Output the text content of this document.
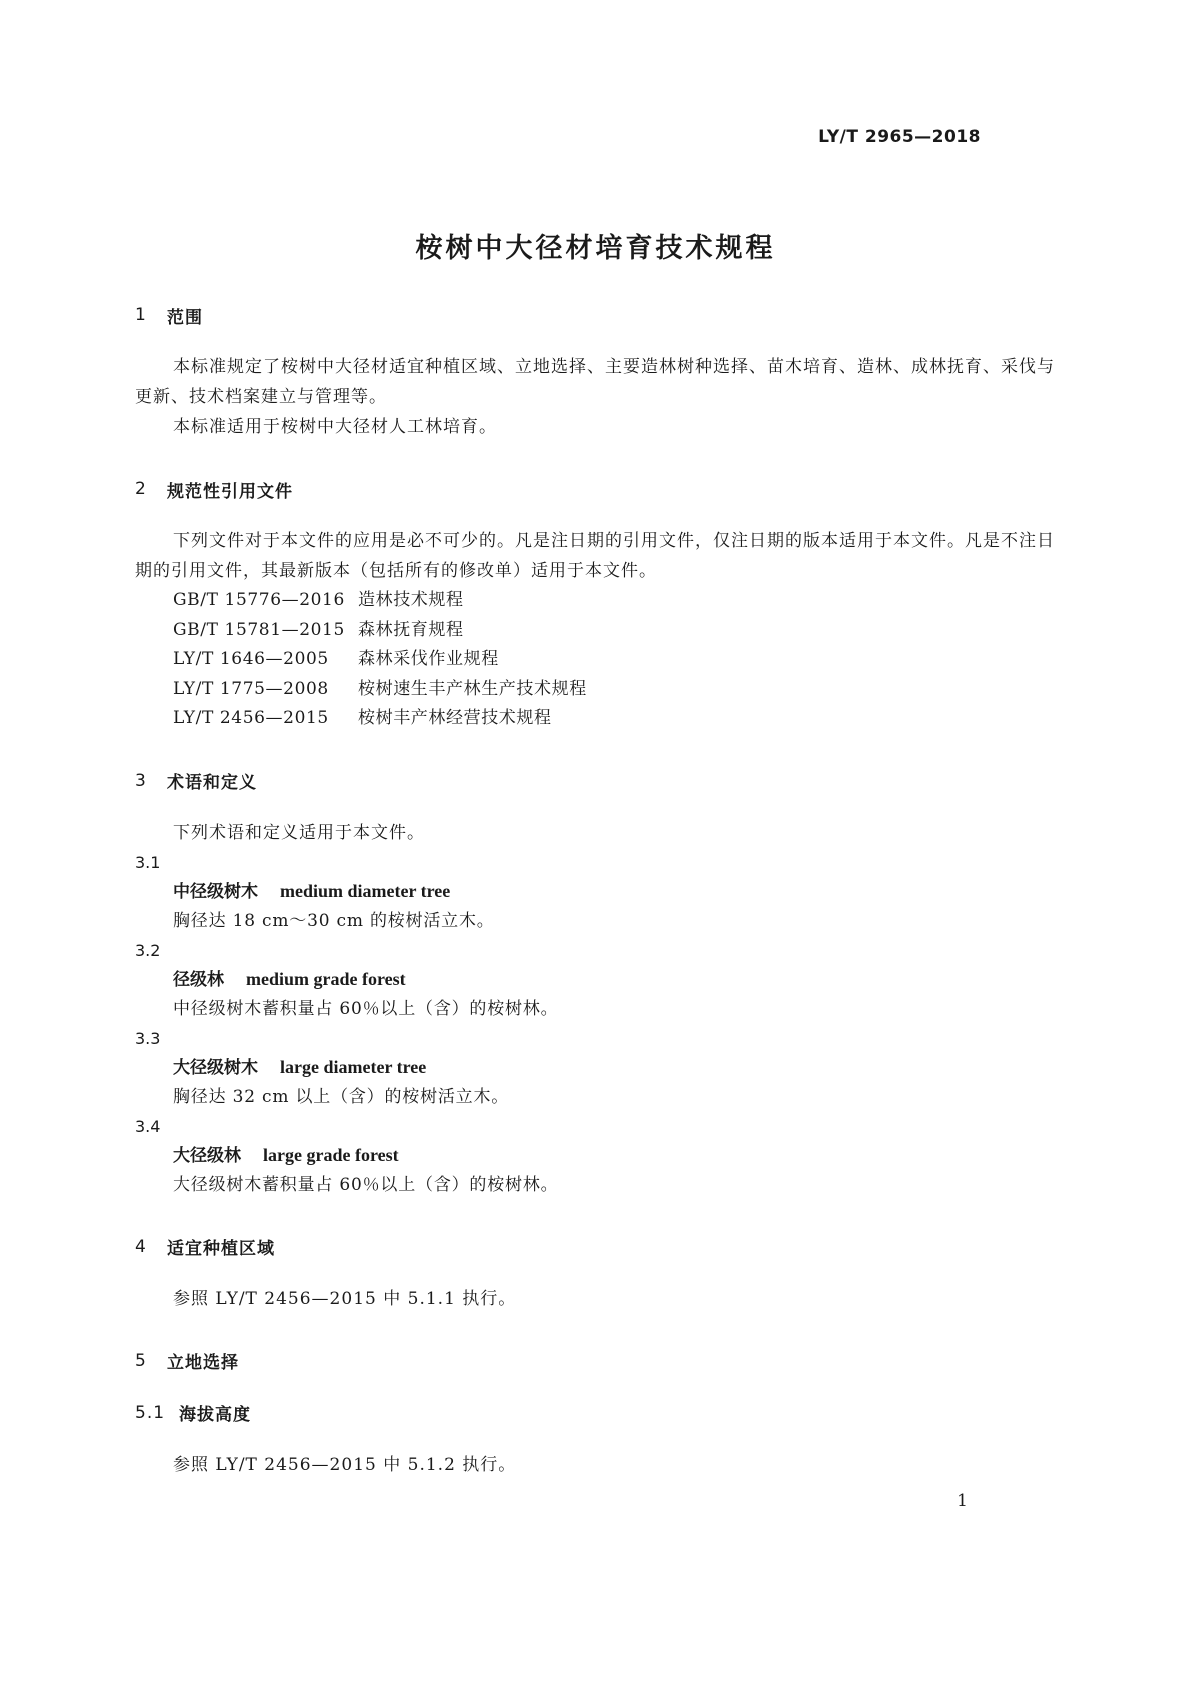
LY/T 2965—2018
桉树中大径材培育技术规程
1	范围
本标准规定了桉树中大径材适宜种植区域、立地选择、主要造林树种选择、苗木培育、造林、成林抚育、采伐与更新、技术档案建立与管理等。
本标准适用于桉树中大径材人工林培育。
2	规范性引用文件
下列文件对于本文件的应用是必不可少的。凡是注日期的引用文件，仅注日期的版本适用于本文件。凡是不注日期的引用文件，其最新版本（包括所有的修改单）适用于本文件。
GB/T 15776—2016 造林技术规程
GB/T 15781—2015 森林抚育规程
LY/T 1646—2005 森林采伐作业规程
LY/T 1775—2008 桉树速生丰产林生产技术规程
LY/T 2456—2015 桉树丰产林经营技术规程
3	术语和定义
下列术语和定义适用于本文件。
3.1
中径级树木 medium diameter tree
胸径达 18 cm～30 cm 的桉树活立木。
3.2
径级林 medium grade forest
中径级树木蓄积量占 60％以上（含）的桉树林。
3.3
大径级树木 large diameter tree
胸径达 32 cm 以上（含）的桉树活立木。
3.4
大径级林 large grade forest
大径级树木蓄积量占 60％以上（含）的桉树林。
4	适宜种植区域
参照 LY/T 2456—2015 中 5.1.1 执行。
5	立地选择
5.1 海拔高度
参照 LY/T 2456—2015 中 5.1.2 执行。
1
